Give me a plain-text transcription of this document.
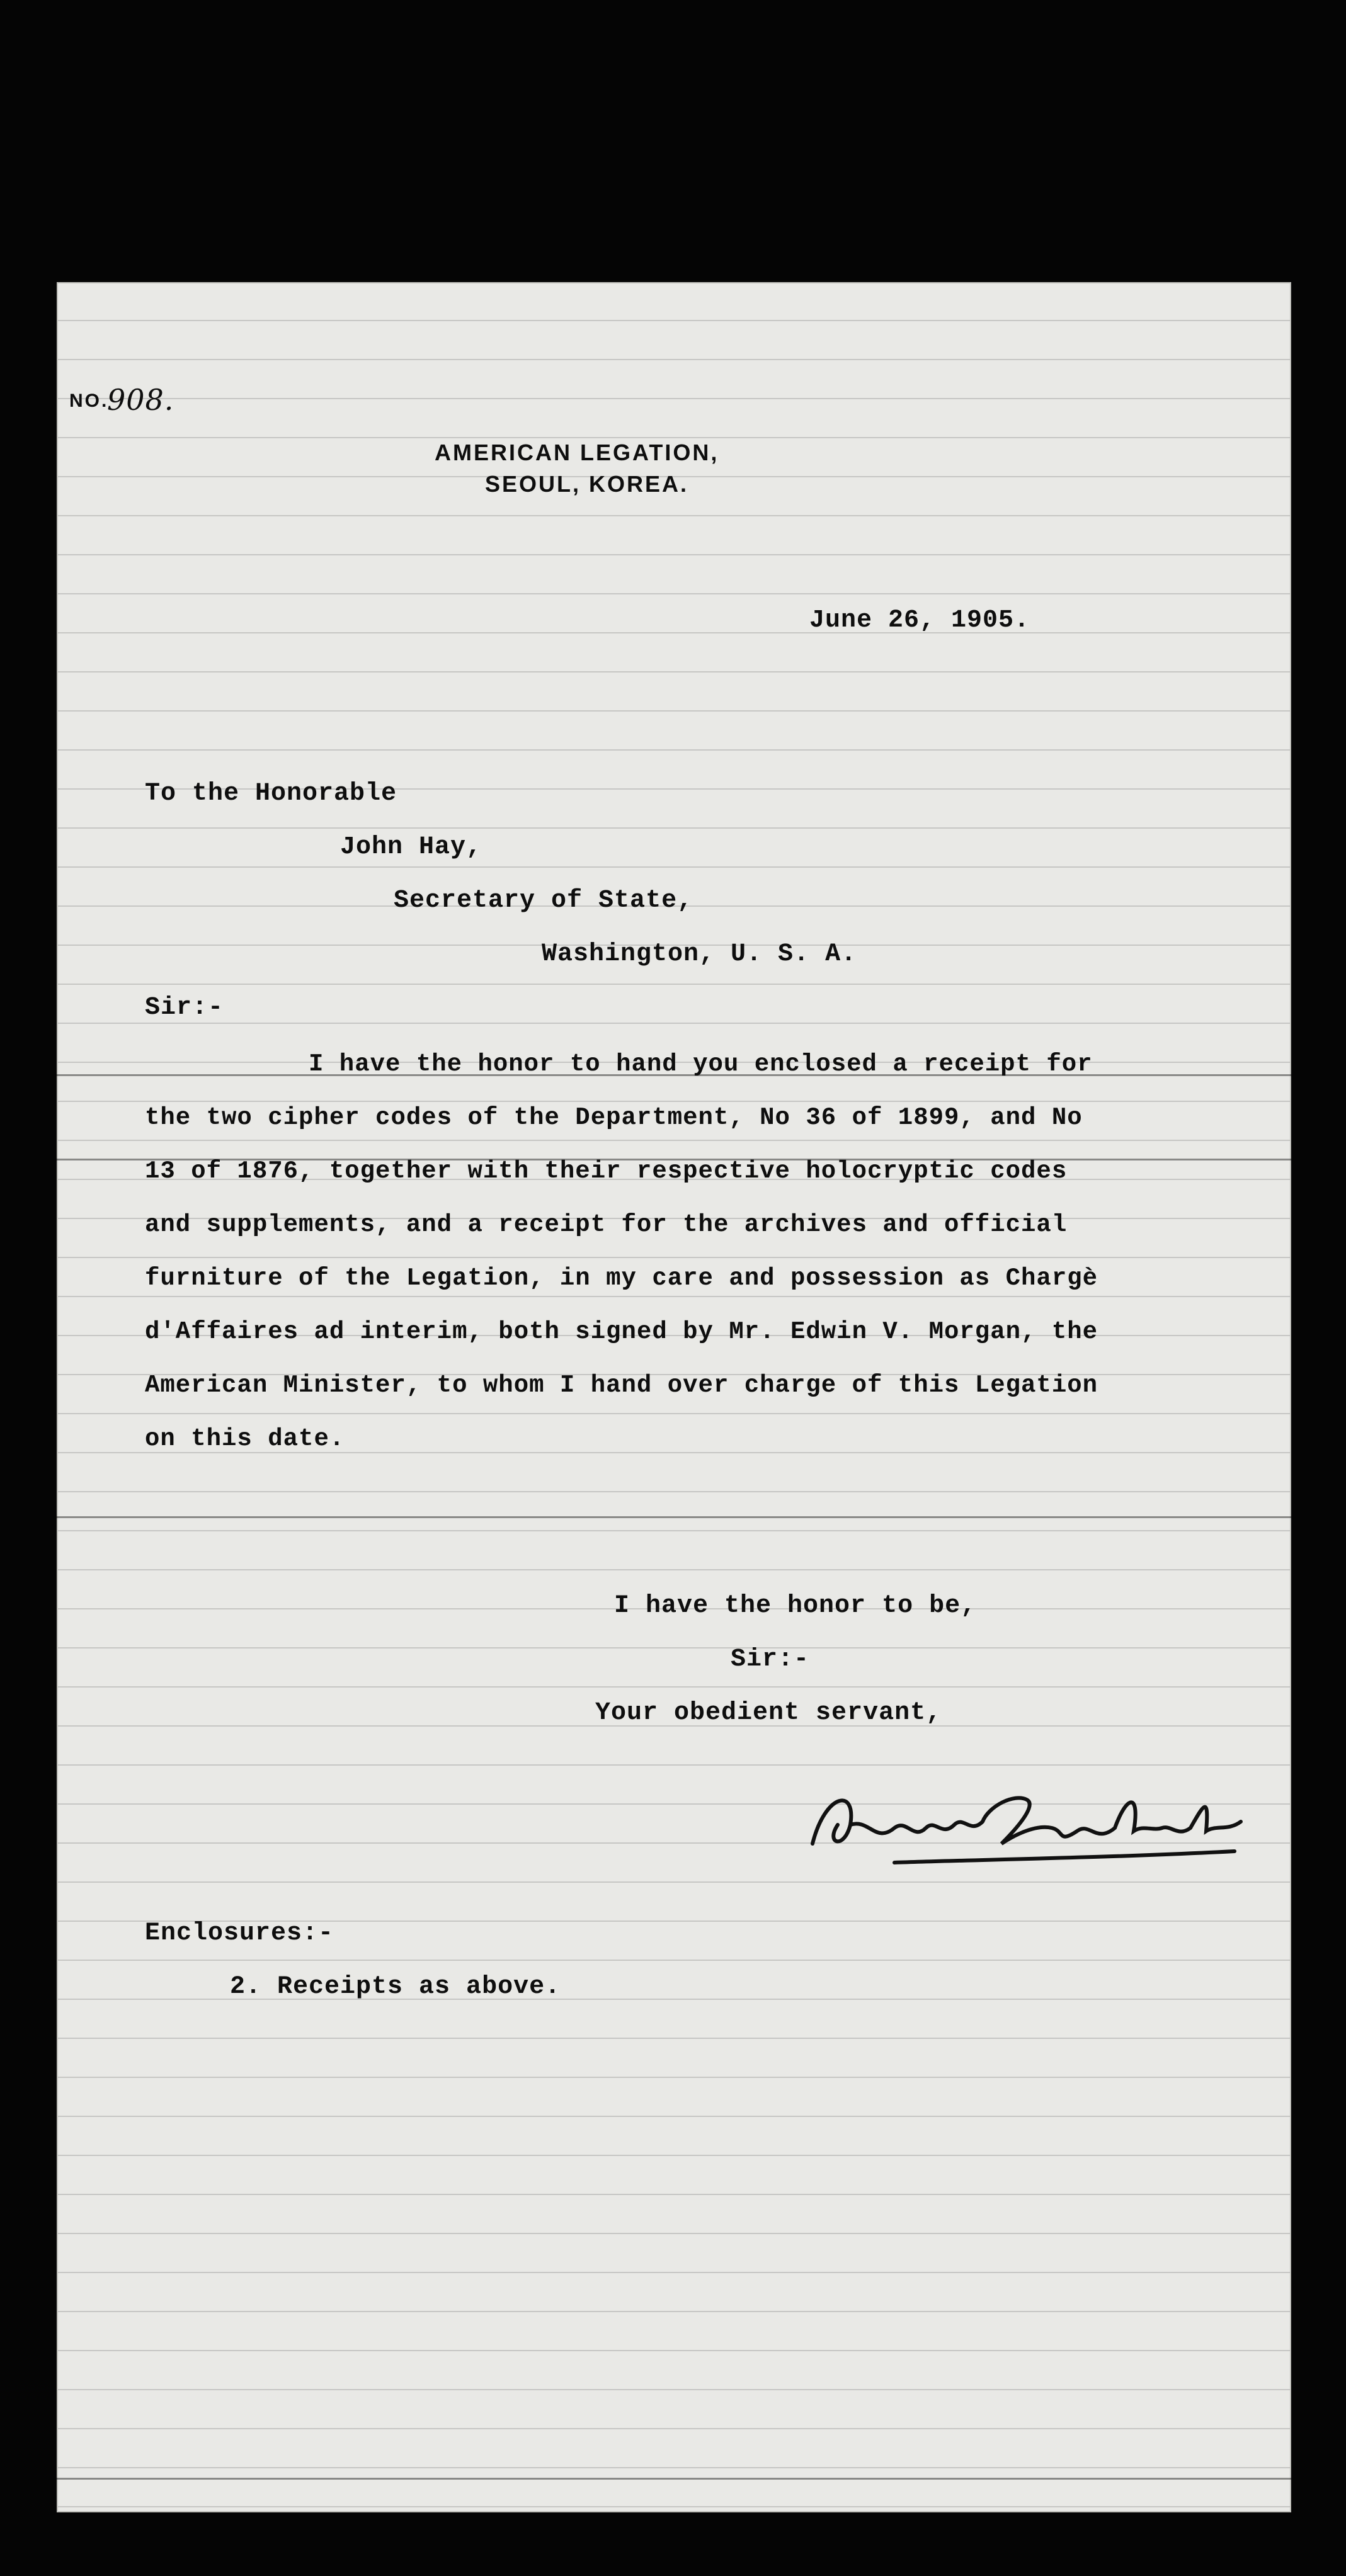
NO.
908.
AMERICAN LEGATION,
SEOUL, KOREA.
June 26, 1905.
To the Honorable
John Hay,
Secretary of State,
Washington, U. S. A.
Sir:-
I have the honor to hand you enclosed a receipt for
the two cipher codes of the Department, No 36 of 1899, and No
13 of 1876, together with their respective holocryptic codes
and supplements, and a receipt for the archives and official
furniture of the Legation, in my care and possession as Chargè
d'Affaires ad interim, both signed by Mr. Edwin V. Morgan, the
American Minister, to whom I hand over charge of this Legation
on this date.
I have the honor to be,
Sir:-
Your obedient servant,
Enclosures:-
2. Receipts as above.
